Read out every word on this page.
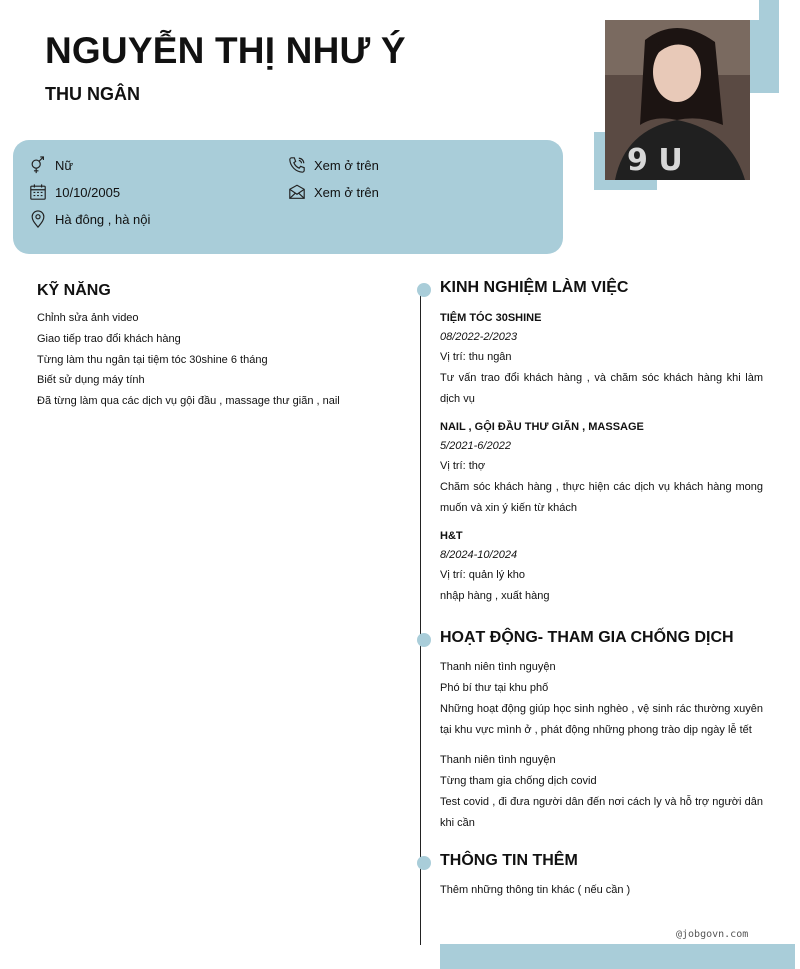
9 U
NGUYỄN THỊ NHƯ Ý
THU NGÂN
Nữ
10/10/2005
Hà đông , hà nội
Xem ở trên
Xem ở trên
KỸ NĂNG
Chỉnh sửa ảnh video
Giao tiếp trao đổi khách hàng
Từng làm thu ngân tại tiệm tóc 30shine 6 tháng
Biết sử dụng máy tính
Đã từng làm qua các dịch vụ gội đầu , massage thư giãn , nail
KINH NGHIỆM LÀM VIỆC
TIỆM TÓC 30SHINE
08/2022-2/2023
Vị trí: thu ngân
Tư vấn trao đổi khách hàng , và chăm sóc khách hàng khi làm dịch vụ
NAIL , GỘI ĐẦU THƯ GIÃN , MASSAGE
5/2021-6/2022
Vị trí: thợ
Chăm sóc khách hàng , thực hiện các dịch vụ khách hàng mong muốn và xin ý kiến từ khách
H&T
8/2024-10/2024
Vị trí: quản lý kho
nhập hàng , xuất hàng
HOẠT ĐỘNG- THAM GIA CHỐNG DỊCH
Thanh niên tình nguyện
Phó bí thư tại khu phố
Những hoạt động giúp học sinh nghèo , vệ sinh rác thường xuyên tại khu vực mình ở , phát động những phong trào dịp ngày lễ tết
Thanh niên tình nguyện
Từng tham gia chống dịch covid
Test covid , đi đưa người dân đến nơi cách ly và hỗ trợ người dân khi cần
THÔNG TIN THÊM
Thêm những thông tin khác ( nếu cần )
@jobgovn.com
